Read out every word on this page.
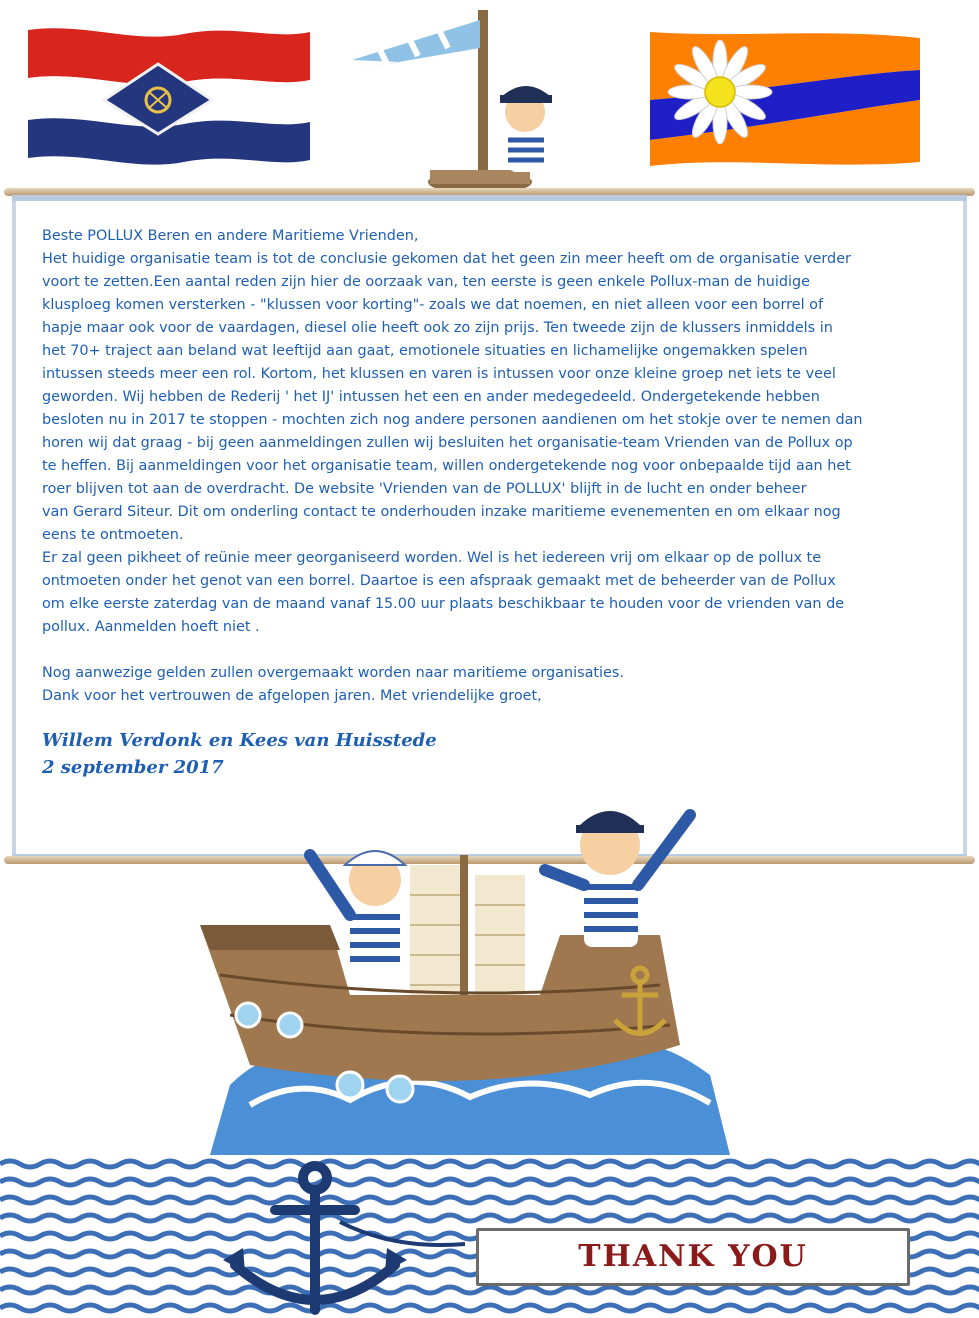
Beste POLLUX Beren en andere Maritieme Vrienden,

Het huidige organisatie team is tot de conclusie gekomen dat het geen zin meer heeft om de organisatie verder

voort te zetten.Een aantal reden zijn hier de oorzaak van, ten eerste is geen enkele Pollux-man de huidige

klusploeg komen versterken - "klussen voor korting"- zoals we dat noemen, en niet alleen voor een borrel of

hapje maar ook voor de vaardagen, diesel olie heeft ook zo zijn prijs. Ten tweede zijn de klussers inmiddels in

het 70+ traject aan beland wat leeftijd aan gaat, emotionele situaties en lichamelijke ongemakken spelen

intussen steeds meer een rol. Kortom, het klussen en varen is intussen voor onze kleine groep net iets te veel

geworden. Wij hebben de Rederij ' het IJ' intussen het een en ander medegedeeld. Ondergetekende hebben

besloten nu in 2017 te stoppen - mochten zich nog andere personen aandienen om het stokje over te nemen dan

horen wij dat graag - bij geen aanmeldingen zullen wij besluiten het organisatie-team Vrienden van de Pollux op

te heffen. Bij aanmeldingen voor het organisatie team, willen ondergetekende nog voor onbepaalde tijd aan het

roer blijven tot aan de overdracht. De website 'Vrienden van de POLLUX' blijft in de lucht en onder beheer

van Gerard Siteur. Dit om onderling contact te onderhouden inzake maritieme evenementen en om elkaar nog

eens te ontmoeten.

Er zal geen pikheet of reünie meer georganiseerd worden. Wel is het iedereen vrij om elkaar op de pollux te

ontmoeten onder het genot van een borrel. Daartoe is een afspraak gemaakt met de beheerder van de Pollux

om elke eerste zaterdag van de maand vanaf 15.00 uur plaats beschikbaar te houden voor de vrienden van de

pollux. Aanmelden hoeft niet .

Nog aanwezige gelden zullen overgemaakt worden naar maritieme organisaties.

Dank voor het vertrouwen de afgelopen jaren. Met vriendelijke groet,

Willem Verdonk en Kees van Huisstede
2 september 2017
THANK YOU
